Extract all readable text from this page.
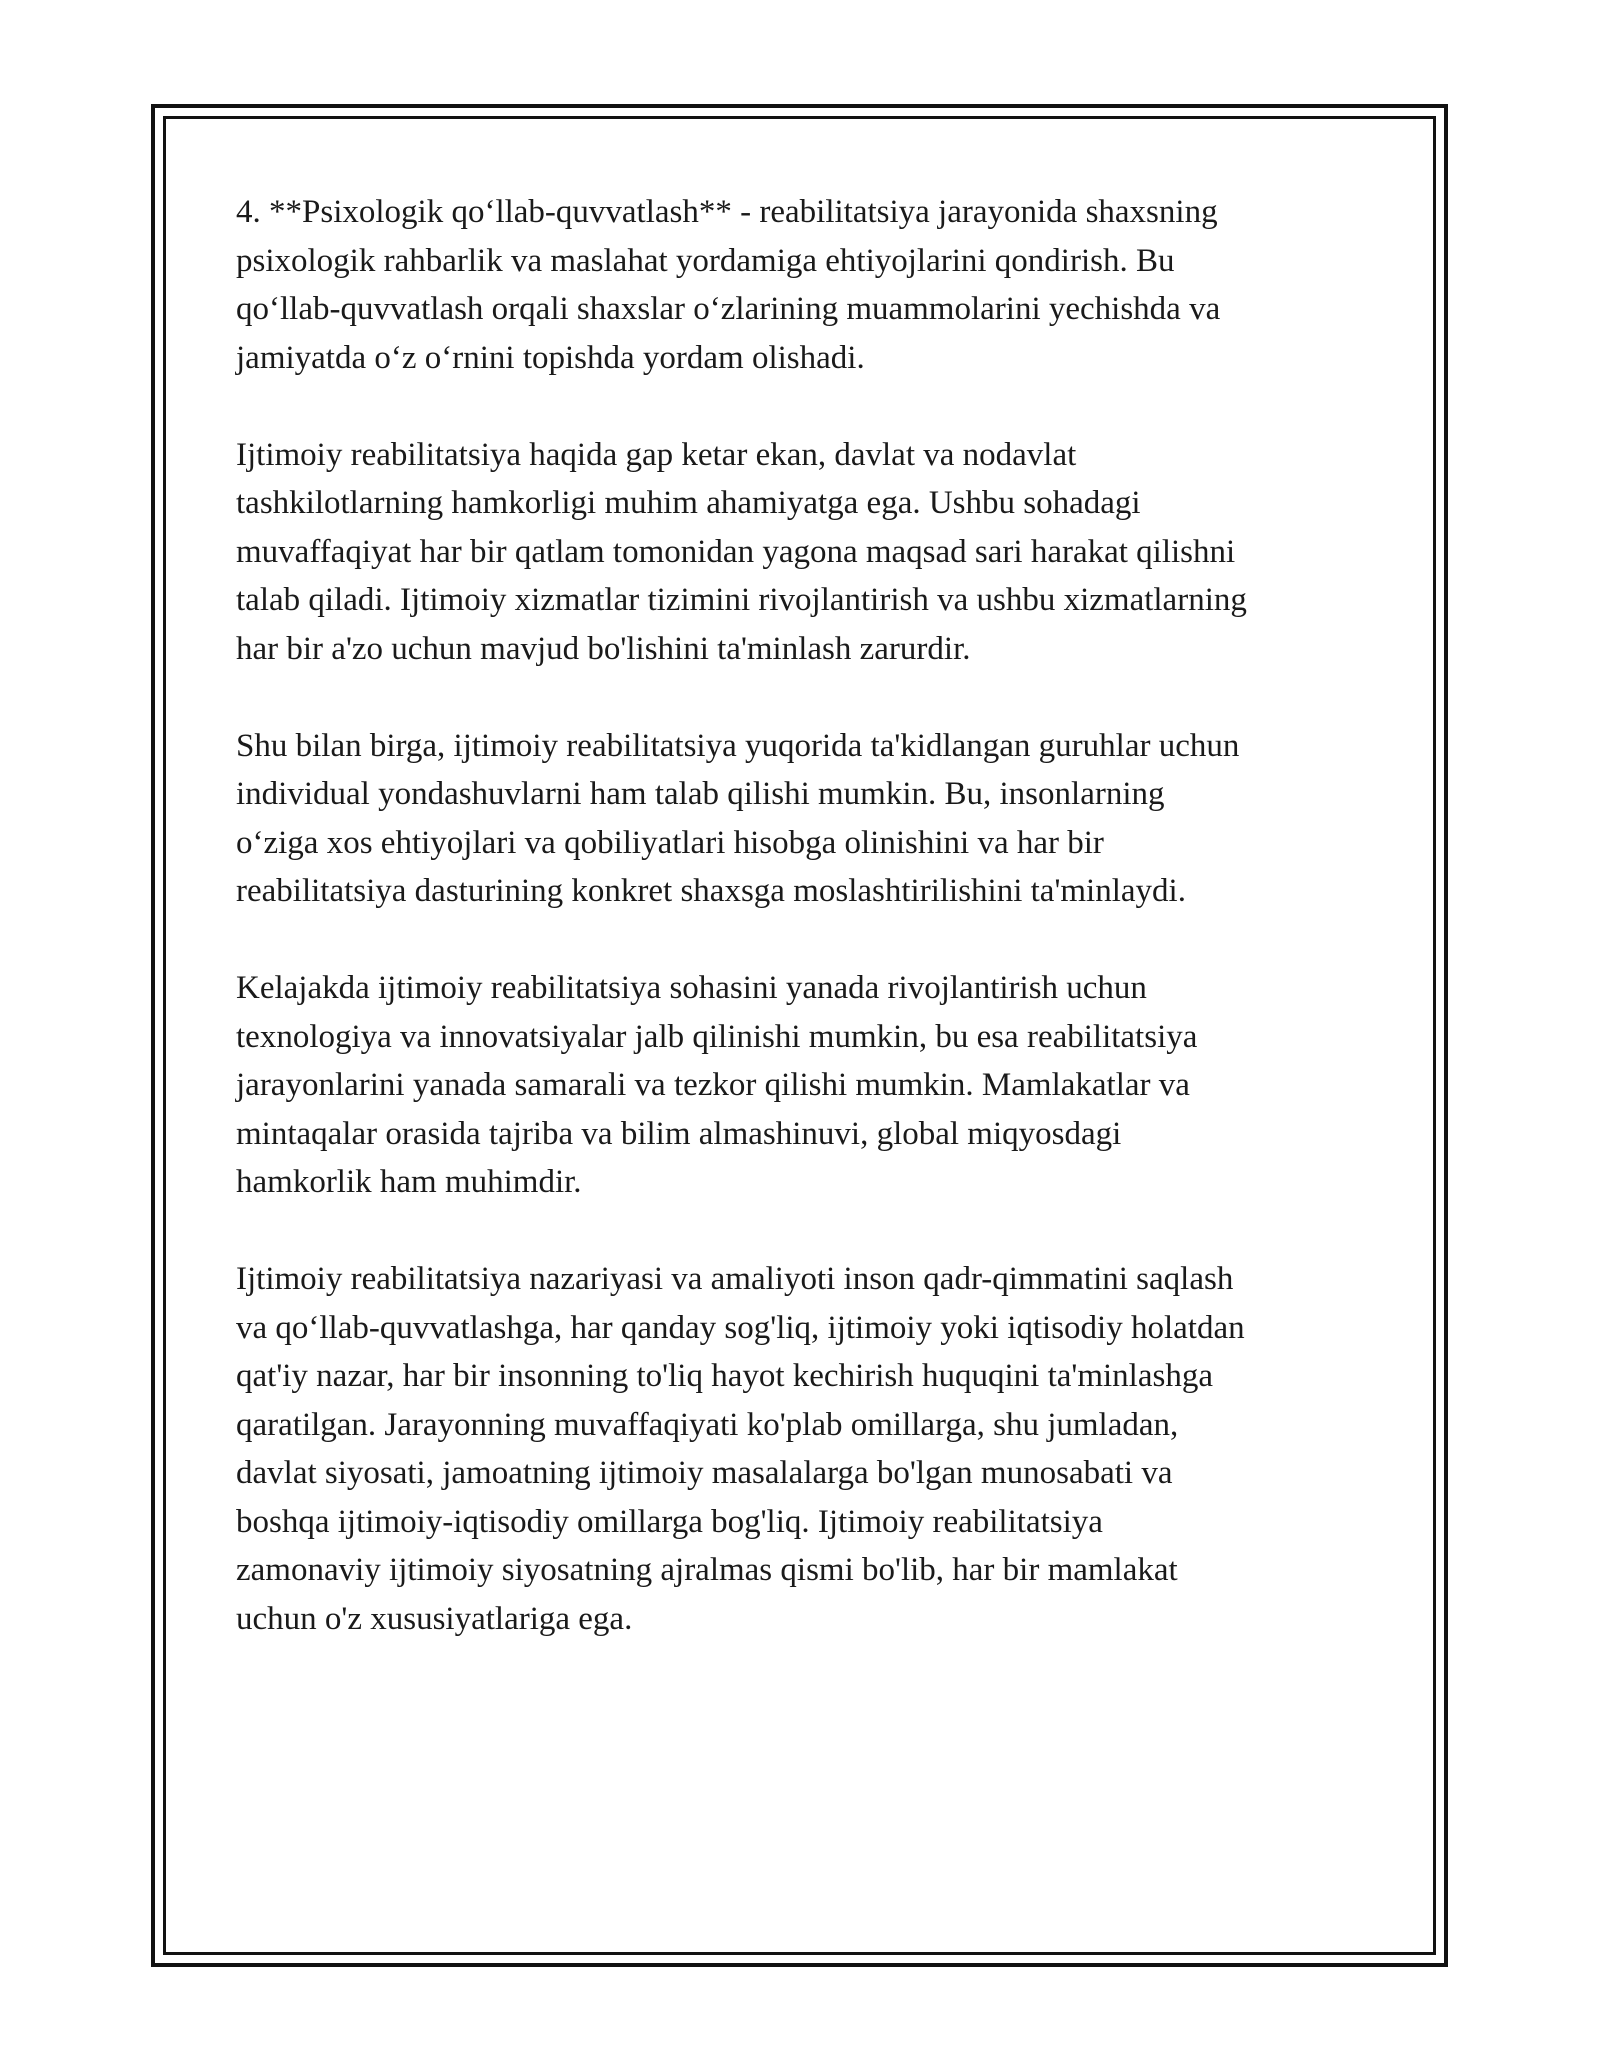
4. **Psixologik qo‘llab-quvvatlash** - reabilitatsiya jarayonida shaxsning
psixologik rahbarlik va maslahat yordamiga ehtiyojlarini qondirish. Bu
qo‘llab-quvvatlash orqali shaxslar o‘zlarining muammolarini yechishda va
jamiyatda o‘z o‘rnini topishda yordam olishadi.

Ijtimoiy reabilitatsiya haqida gap ketar ekan, davlat va nodavlat
tashkilotlarning hamkorligi muhim ahamiyatga ega. Ushbu sohadagi
muvaffaqiyat har bir qatlam tomonidan yagona maqsad sari harakat qilishni
talab qiladi. Ijtimoiy xizmatlar tizimini rivojlantirish va ushbu xizmatlarning
har bir a'zo uchun mavjud bo'lishini ta'minlash zarurdir.

Shu bilan birga, ijtimoiy reabilitatsiya yuqorida ta'kidlangan guruhlar uchun
individual yondashuvlarni ham talab qilishi mumkin. Bu, insonlarning
o‘ziga xos ehtiyojlari va qobiliyatlari hisobga olinishini va har bir
reabilitatsiya dasturining konkret shaxsga moslashtirilishini ta'minlaydi.

Kelajakda ijtimoiy reabilitatsiya sohasini yanada rivojlantirish uchun
texnologiya va innovatsiyalar jalb qilinishi mumkin, bu esa reabilitatsiya
jarayonlarini yanada samarali va tezkor qilishi mumkin. Mamlakatlar va
mintaqalar orasida tajriba va bilim almashinuvi, global miqyosdagi
hamkorlik ham muhimdir.

Ijtimoiy reabilitatsiya nazariyasi va amaliyoti inson qadr-qimmatini saqlash
va qo‘llab-quvvatlashga, har qanday sog'liq, ijtimoiy yoki iqtisodiy holatdan
qat'iy nazar, har bir insonning to'liq hayot kechirish huquqini ta'minlashga
qaratilgan. Jarayonning muvaffaqiyati ko'plab omillarga, shu jumladan,
davlat siyosati, jamoatning ijtimoiy masalalarga bo'lgan munosabati va
boshqa ijtimoiy-iqtisodiy omillarga bog'liq. Ijtimoiy reabilitatsiya
zamonaviy ijtimoiy siyosatning ajralmas qismi bo'lib, har bir mamlakat
uchun o'z xususiyatlariga ega.
